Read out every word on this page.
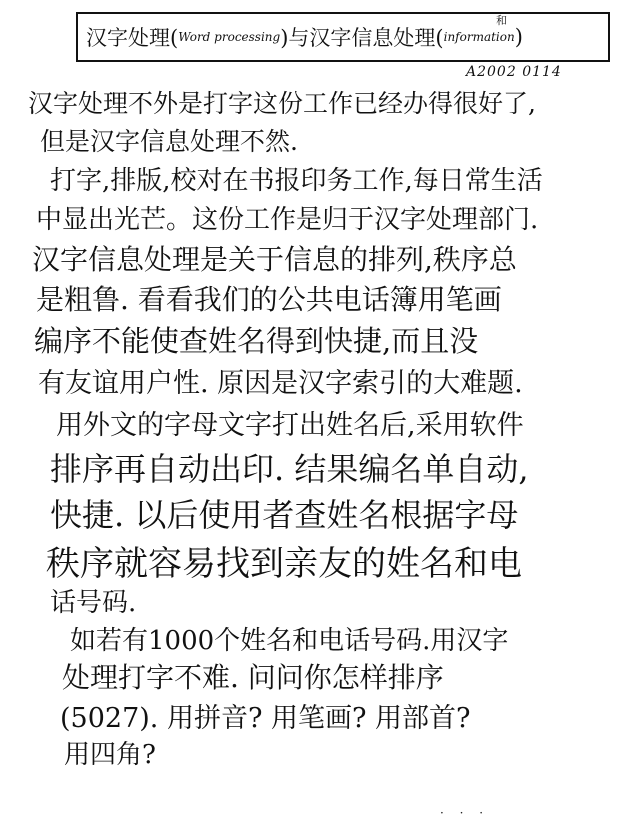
汉字处理( Word processing )与汉字信息处理( information )
和
A2002 0114
汉字处理不外是打字这份工作已经办得很好了,
但是汉字信息处理不然.
打字,排版,校对在书报印务工作,每日常生活
中显出光芒。这份工作是归于汉字处理部门.
汉字信息处理是关于信息的排列,秩序总
是粗鲁. 看看我们的公共电话簿用笔画
编序不能使查姓名得到快捷,而且没
有友谊用户性. 原因是汉字索引的大难题.
用外文的字母文字打出姓名后,采用软件
排序再自动出印. 结果编名单自动,
快捷. 以后使用者查姓名根据字母
秩序就容易找到亲友的姓名和电
话号码.
如若有1000个姓名和电话号码.用汉字
处理打字不难. 问问你怎样排序
(5027). 用拼音? 用笔画? 用部首?
用四角?
· · ·
